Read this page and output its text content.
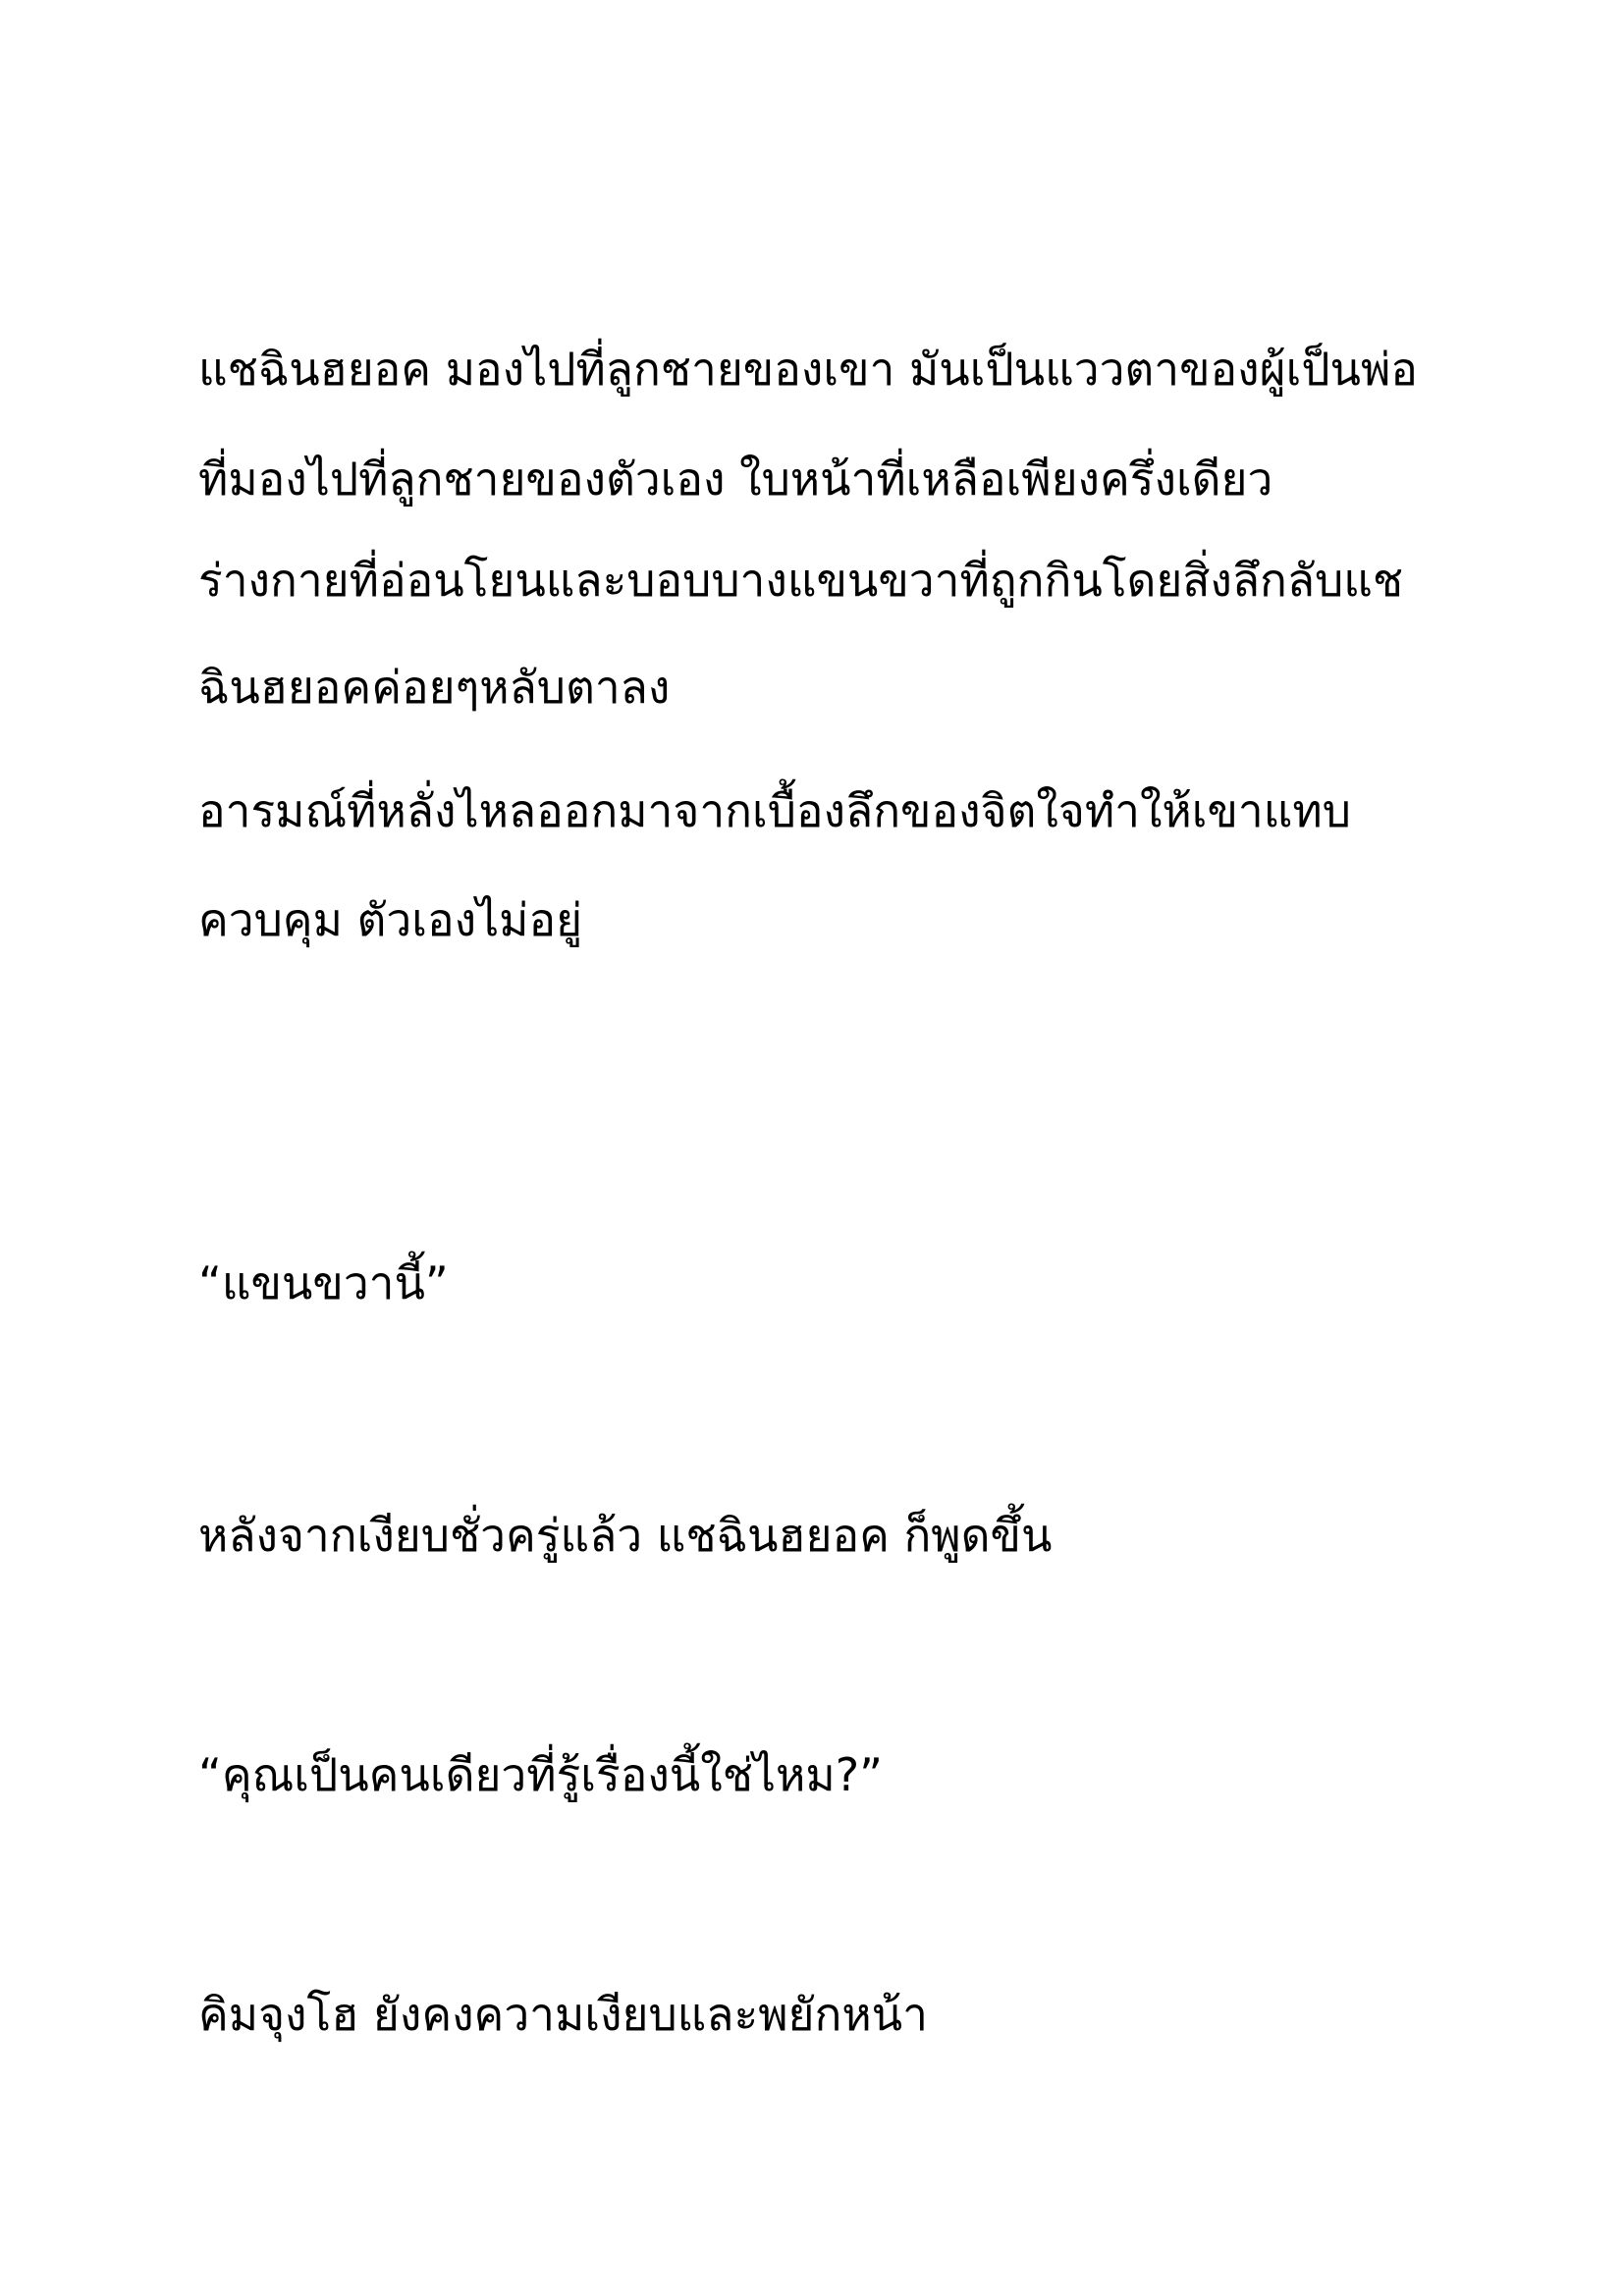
แชฉินฮยอค มองไปที่ลูกชายของเขา มันเป็นแววตาของผู้เป็นพ่อ

ที่มองไปที่ลูกชายของตัวเอง ใบหน้าที่เหลือเพียงครึ่งเดียว

ร่างกายที่อ่อนโยนและบอบบางแขนขวาที่ถูกกินโดยสิ่งลึกลับแช

ฉินฮยอคค่อยๆหลับตาลง

อารมณ์ที่หลั่งไหลออกมาจากเบื้องลึกของจิตใจทำให้เขาแทบ

ควบคุม ตัวเองไม่อยู่

“แขนขวานี้”

หลังจากเงียบชั่วครู่แล้ว แชฉินฮยอค ก็พูดขึ้น

“คุณเป็นคนเดียวที่รู้เรื่องนี้ใช่ไหม?”

คิมจุงโฮ ยังคงความเงียบและพยักหน้า
